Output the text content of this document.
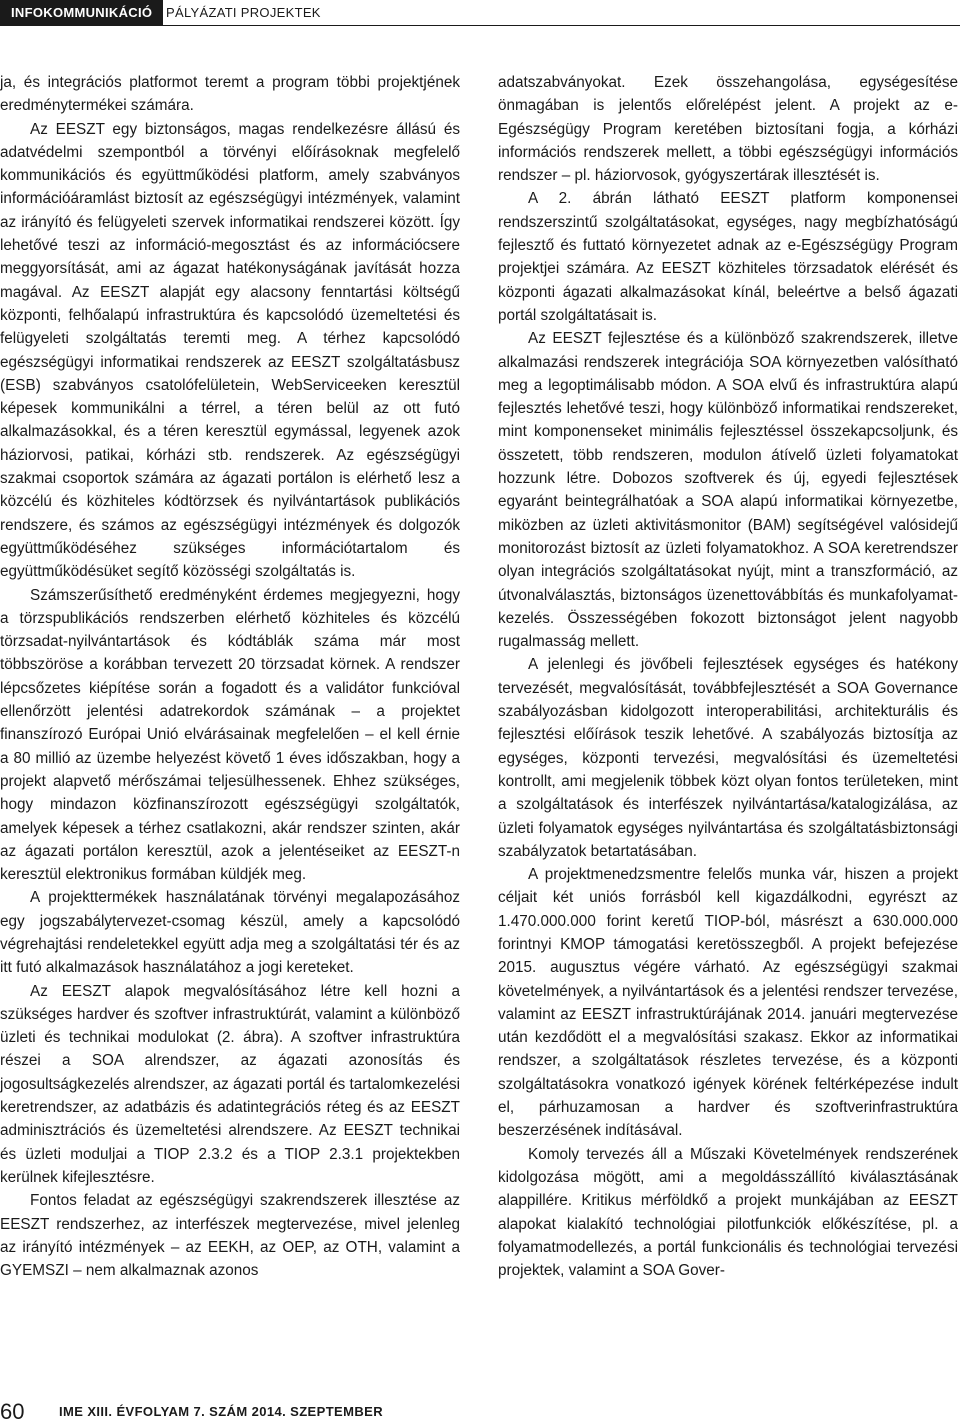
INFOKOMMUNIKÁCIÓ	PÁLYÁZATI PROJEKTEK

ja, és integrációs platformot teremt a program többi projektjének eredménytermékei számára.

Az EESZT egy biztonságos, magas rendelkezésre állású és adatvédelmi szempontból a törvényi előírásoknak megfelelő kommunikációs és együttműködési platform, amely szabványos információáramlást biztosít az egészségügyi intézmények, valamint az irányító és felügyeleti szervek informatikai rendszerei között. Így lehetővé teszi az információ-megosztást és az információcsere meggyorsítását, ami az ágazat hatékonyságának javítását hozza magával. Az EESZT alapját egy alacsony fenntartási költségű központi, felhőalapú infrastruktúra és kapcsolódó üzemeltetési és felügyeleti szolgáltatás teremti meg. A térhez kapcsolódó egészségügyi informatikai rendszerek az EESZT szolgáltatásbusz (ESB) szabványos csatolófelületein, WebServiceeken keresztül képesek kommunikálni a térrel, a téren belül az ott futó alkalmazásokkal, és a téren keresztül egymással, legyenek azok háziorvosi, patikai, kórházi stb. rendszerek. Az egészségügyi szakmai csoportok számára az ágazati portálon is elérhető lesz a közcélú és közhiteles kódtörzsek és nyilvántartások publikációs rendszere, és számos az egészségügyi intézmények és dolgozók együttműködéséhez szükséges információtartalom és együttműködésüket segítő közösségi szolgáltatás is.

Számszerűsíthető eredményként érdemes megjegyezni, hogy a törzspublikációs rendszerben elérhető közhiteles és közcélú törzsadat-nyilvántartások és kódtáblák száma már most többszöröse a korábban tervezett 20 törzsadat körnek. A rendszer lépcsőzetes kiépítése során a fogadott és a validátor funkcióval ellenőrzött jelentési adatrekordok számának – a projektet finanszírozó Európai Unió elvárásainak megfelelően – el kell érnie a 80 millió az üzembe helyezést követő 1 éves időszakban, hogy a projekt alapvető mérőszámai teljesülhessenek. Ehhez szükséges, hogy mindazon közfinanszírozott egészségügyi szolgáltatók, amelyek képesek a térhez csatlakozni, akár rendszer szinten, akár az ágazati portálon keresztül, azok a jelentéseiket az EESZT-n keresztül elektronikus formában küldjék meg.

A projekttermékek használatának törvényi megalapozásához egy jogszabálytervezet-csomag készül, amely a kapcsolódó végrehajtási rendeletekkel együtt adja meg a szolgáltatási tér és az itt futó alkalmazások használatához a jogi kereteket.

Az EESZT alapok megvalósításához létre kell hozni a szükséges hardver és szoftver infrastruktúrát, valamint a különböző üzleti és technikai modulokat (2. ábra). A szoftver infrastruktúra részei a SOA alrendszer, az ágazati azonosítás és jogosultságkezelés alrendszer, az ágazati portál és tartalomkezelési keretrendszer, az adatbázis és adatintegrációs réteg és az EESZT adminisztrációs és üzemeltetési alrendszere. Az EESZT technikai és üzleti moduljai a TIOP 2.3.2 és a TIOP 2.3.1 projektekben kerülnek kifejlesztésre.

Fontos feladat az egészségügyi szakrendszerek illesztése az EESZT rendszerhez, az interfészek megtervezése, mivel jelenleg az irányító intézmények – az EEKH, az OEP, az OTH, valamint a GYEMSZI – nem alkalmaznak azonos

adatszabványokat. Ezek összehangolása, egységesítése önmagában is jelentős előrelépést jelent. A projekt az e-Egészségügy Program keretében biztosítani fogja, a kórházi információs rendszerek mellett, a többi egészségügyi információs rendszer – pl. háziorvosok, gyógyszertárak illesztését is.

A 2. ábrán látható EESZT platform komponensei rendszerszintű szolgáltatásokat, egységes, nagy megbízhatóságú fejlesztő és futtató környezetet adnak az e-Egészségügy Program projektjei számára. Az EESZT közhiteles törzsadatok elérését és központi ágazati alkalmazásokat kínál, beleértve a belső ágazati portál szolgáltatásait is.

Az EESZT fejlesztése és a különböző szakrendszerek, illetve alkalmazási rendszerek integrációja SOA környezetben valósítható meg a legoptimálisabb módon. A SOA elvű és infrastruktúra alapú fejlesztés lehetővé teszi, hogy különböző informatikai rendszereket, mint komponenseket minimális fejlesztéssel összekapcsoljunk, és összetett, több rendszeren, modulon átívelő üzleti folyamatokat hozzunk létre. Dobozos szoftverek és új, egyedi fejlesztések egyaránt beintegrálhatóak a SOA alapú informatikai környezetbe, miközben az üzleti aktivitásmonitor (BAM) segítségével valósidejű monitorozást biztosít az üzleti folyamatokhoz. A SOA keretrendszer olyan integrációs szolgáltatásokat nyújt, mint a transzformáció, az útvonalválasztás, biztonságos üzenettovábbítás és munkafolyamat-kezelés. Összességében fokozott biztonságot jelent nagyobb rugalmasság mellett.

A jelenlegi és jövőbeli fejlesztések egységes és hatékony tervezését, megvalósítását, továbbfejlesztését a SOA Governance szabályozásban kidolgozott interoperabilitási, architekturális és fejlesztési előírások teszik lehetővé. A szabályozás biztosítja az egységes, központi tervezési, megvalósítási és üzemeltetési kontrollt, ami megjelenik többek közt olyan fontos területeken, mint a szolgáltatások és interfészek nyilvántartása/katalogizálása, az üzleti folyamatok egységes nyilvántartása és szolgáltatásbiztonsági szabályzatok betartatásában.

A projektmenedzsmentre felelős munka vár, hiszen a projekt céljait két uniós forrásból kell kigazdálkodni, egyrészt az 1.470.000.000 forint keretű TIOP-ból, másrészt a 630.000.000 forintnyi KMOP támogatási keretösszegből. A projekt befejezése 2015. augusztus végére várható. Az egészségügyi szakmai követelmények, a nyilvántartások és a jelentési rendszer tervezése, valamint az EESZT infrastruktúrájának 2014. januári megtervezése után kezdődött el a megvalósítási szakasz. Ekkor az informatikai rendszer, a szolgáltatások részletes tervezése, és a központi szolgáltatásokra vonatkozó igények körének feltérképezése indult el, párhuzamosan a hardver és szoftverinfrastruktúra beszerzésének indításával.

Komoly tervezés áll a Műszaki Követelmények rendszerének kidolgozása mögött, ami a megoldásszállító kiválasztásának alappillére. Kritikus mérföldkő a projekt munkájában az EESZT alapokat kialakító technológiai pilotfunkciók előkészítése, pl. a folyamatmodellezés, a portál funkcionális és technológiai tervezési projektek, valamint a SOA Gover-

60	IME XIII. ÉVFOLYAM 7. SZÁM 2014. SZEPTEMBER
